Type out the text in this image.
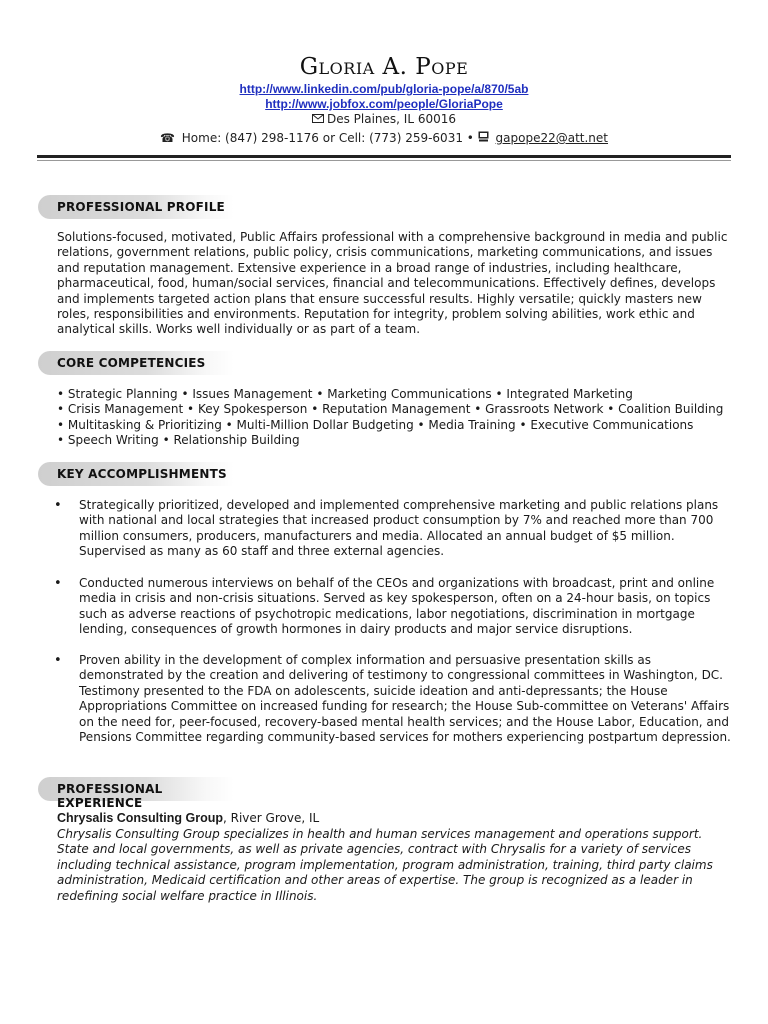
Gloria A. Pope
http://www.linkedin.com/pub/gloria-pope/a/870/5ab
http://www.jobfox.com/people/GloriaPope
Des Plaines, IL 60016
☎ Home: (847) 298-1176 or Cell: (773) 259-6031 • gapope22@att.net
PROFESSIONAL PROFILE

Solutions-focused, motivated, Public Affairs professional with a comprehensive background in media and public relations, government relations, public policy, crisis communications, marketing communications, and issues and reputation management. Extensive experience in a broad range of industries, including healthcare, pharmaceutical, food, human/social services, financial and telecommunications. Effectively defines, develops and implements targeted action plans that ensure successful results. Highly versatile; quickly masters new roles, responsibilities and environments. Reputation for integrity, problem solving abilities, work ethic and analytical skills. Works well individually or as part of a team.

CORE COMPETENCIES
• Strategic Planning • Issues Management • Marketing Communications • Integrated Marketing
• Crisis Management • Key Spokesperson • Reputation Management • Grassroots Network • Coalition Building
• Multitasking & Prioritizing • Multi-Million Dollar Budgeting • Media Training • Executive Communications
• Speech Writing • Relationship Building
KEY ACCOMPLISHMENTS
• Strategically prioritized, developed and implemented comprehensive marketing and public relations plans with national and local strategies that increased product consumption by 7% and reached more than 700 million consumers, producers, manufacturers and media. Allocated an annual budget of $5 million. Supervised as many as 60 staff and three external agencies.
• Conducted numerous interviews on behalf of the CEOs and organizations with broadcast, print and online media in crisis and non-crisis situations. Served as key spokesperson, often on a 24-hour basis, on topics such as adverse reactions of psychotropic medications, labor negotiations, discrimination in mortgage lending, consequences of growth hormones in dairy products and major service disruptions.
• Proven ability in the development of complex information and persuasive presentation skills as demonstrated by the creation and delivering of testimony to congressional committees in Washington, DC. Testimony presented to the FDA on adolescents, suicide ideation and anti-depressants; the House Appropriations Committee on increased funding for research; the House Sub-committee on Veterans' Affairs on the need for, peer-focused, recovery-based mental health services; and the House Labor, Education, and Pensions Committee regarding community-based services for mothers experiencing postpartum depression.
PROFESSIONAL EXPERIENCE
Chrysalis Consulting Group, River Grove, IL

Chrysalis Consulting Group specializes in health and human services management and operations support. State and local governments, as well as private agencies, contract with Chrysalis for a variety of services including technical assistance, program implementation, program administration, training, third party claims administration, Medicaid certification and other areas of expertise. The group is recognized as a leader in redefining social welfare practice in Illinois.
